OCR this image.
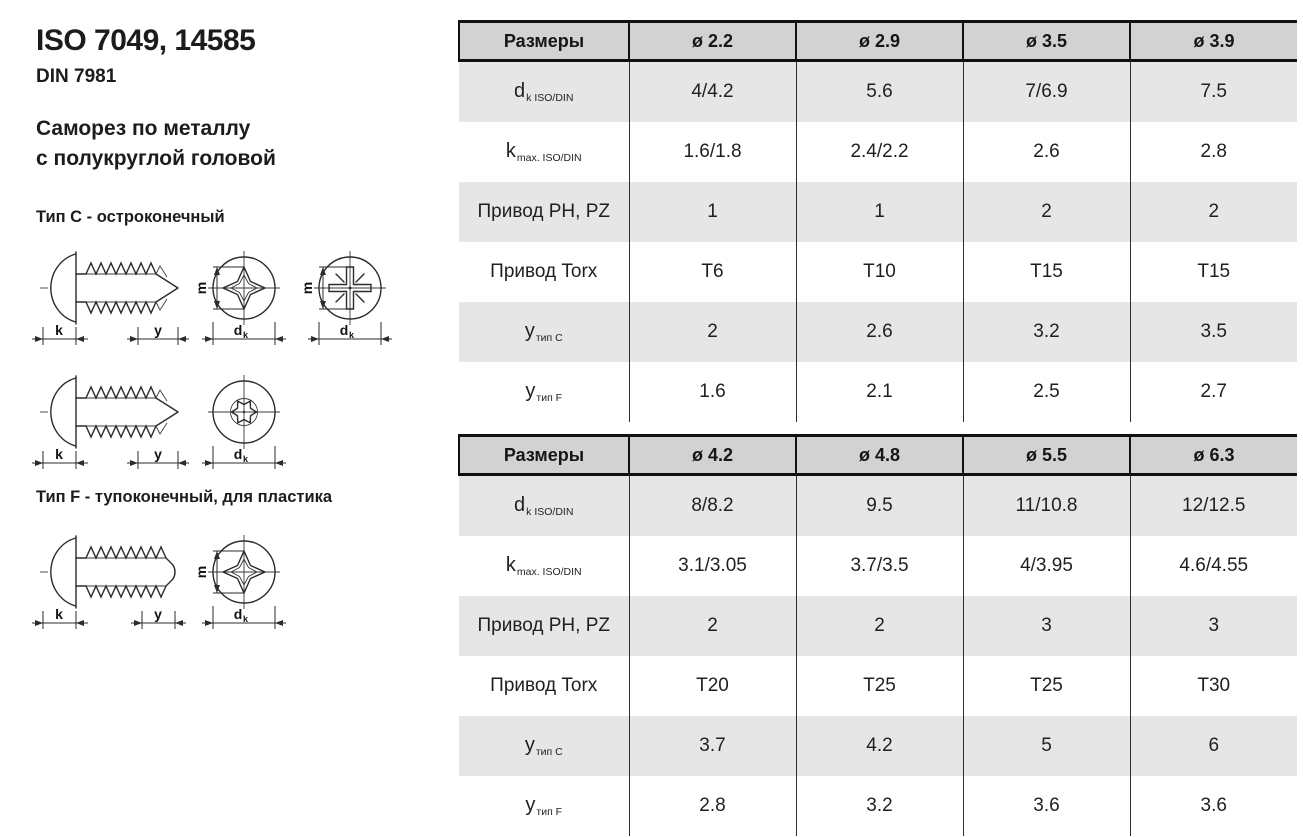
ISO 7049, 14585
DIN 7981
Саморез по металлу
с полукруглой головой
Тип C - остроконечный
k	y
m
d k
m
d k
d k
Тип F - тупоконечный, для пластика
k	y
Размеры	ø 2.2	ø 2.9	ø 3.5	ø 3.9
$d_{k ISO/DIN}$	4/4.2	5.6	7/6.9	7.5
$k_{max. ISO/DIN}$	1.6/1.8	2.4/2.2	2.6	2.8
Привод PH, PZ	1	1	2	2
Привод Torx	T6	T10	T15	T15
$y_{тип C}$	2	2.6	3.2	3.5
$y_{тип F}$	1.6	2.1	2.5	2.7
Размеры	ø 4.2	ø 4.8	ø 5.5	ø 6.3
$d_{k ISO/DIN}$	8/8.2	9.5	11/10.8	12/12.5
$k_{max. ISO/DIN}$	3.1/3.05	3.7/3.5	4/3.95	4.6/4.55
Привод PH, PZ	2	2	3	3
Привод Torx	T20	T25	T25	T30
$y_{тип C}$	3.7	4.2	5	6
$y_{тип F}$	2.8	3.2	3.6	3.6
